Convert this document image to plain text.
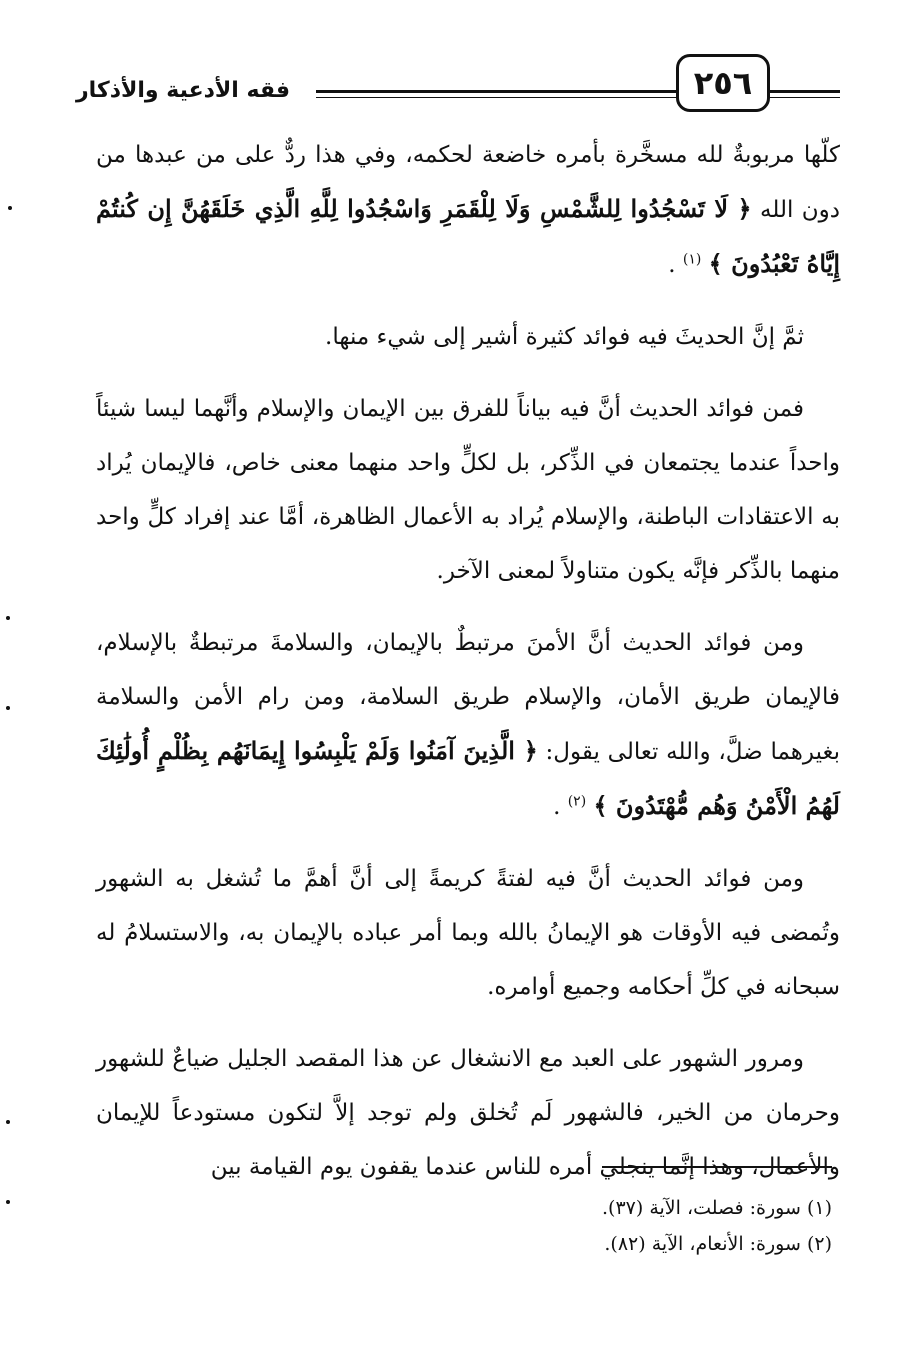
فقه الأدعية والأذكار	٢٥٦

كلّها مربوبةٌ لله مسخَّرة بأمره خاضعة لحكمه، وفي هذا ردٌّ على من عبدها من دون الله ﴿ لَا تَسْجُدُوا لِلشَّمْسِ وَلَا لِلْقَمَرِ وَاسْجُدُوا لِلَّهِ الَّذِي خَلَقَهُنَّ إِن كُنتُمْ إِيَّاهُ تَعْبُدُونَ ﴾ $^{(١)}$ .

ثمَّ إنَّ الحديثَ فيه فوائد كثيرة أشير إلى شيء منها.

فمن فوائد الحديث أنَّ فيه بياناً للفرق بين الإيمان والإسلام وأنَّهما ليسا شيئاً واحداً عندما يجتمعان في الذِّكر، بل لكلٍّ واحد منهما معنى خاص، فالإيمان يُراد به الاعتقادات الباطنة، والإسلام يُراد به الأعمال الظاهرة، أمَّا عند إفراد كلٍّ واحد منهما بالذِّكر فإنَّه يكون متناولاً لمعنى الآخر.

ومن فوائد الحديث أنَّ الأمنَ مرتبطٌ بالإيمان، والسلامةَ مرتبطةٌ بالإسلام، فالإيمان طريق الأمان، والإسلام طريق السلامة، ومن رام الأمن والسلامة بغيرهما ضلَّ، والله تعالى يقول: ﴿ الَّذِينَ آمَنُوا وَلَمْ يَلْبِسُوا إِيمَانَهُم بِظُلْمٍ أُولَٰئِكَ لَهُمُ الْأَمْنُ وَهُم مُّهْتَدُونَ ﴾ $^{(٢)}$ .

ومن فوائد الحديث أنَّ فيه لفتةً كريمةً إلى أنَّ أهمَّ ما تُشغل به الشهور وتُمضى فيه الأوقات هو الإيمانُ بالله وبما أمر عباده بالإيمان به، والاستسلامُ له سبحانه في كلِّ أحكامه وجميع أوامره.

ومرور الشهور على العبد مع الانشغال عن هذا المقصد الجليل ضياعٌ للشهور وحرمان من الخير، فالشهور لَم تُخلق ولم توجد إلاَّ لتكون مستودعاً للإيمان والأعمال، وهذا إنَّما ينجلي أمره للناس عندما يقفون يوم القيامة بين

(١) سورة: فصلت، الآية (٣٧).
(٢) سورة: الأنعام، الآية (٨٢).
